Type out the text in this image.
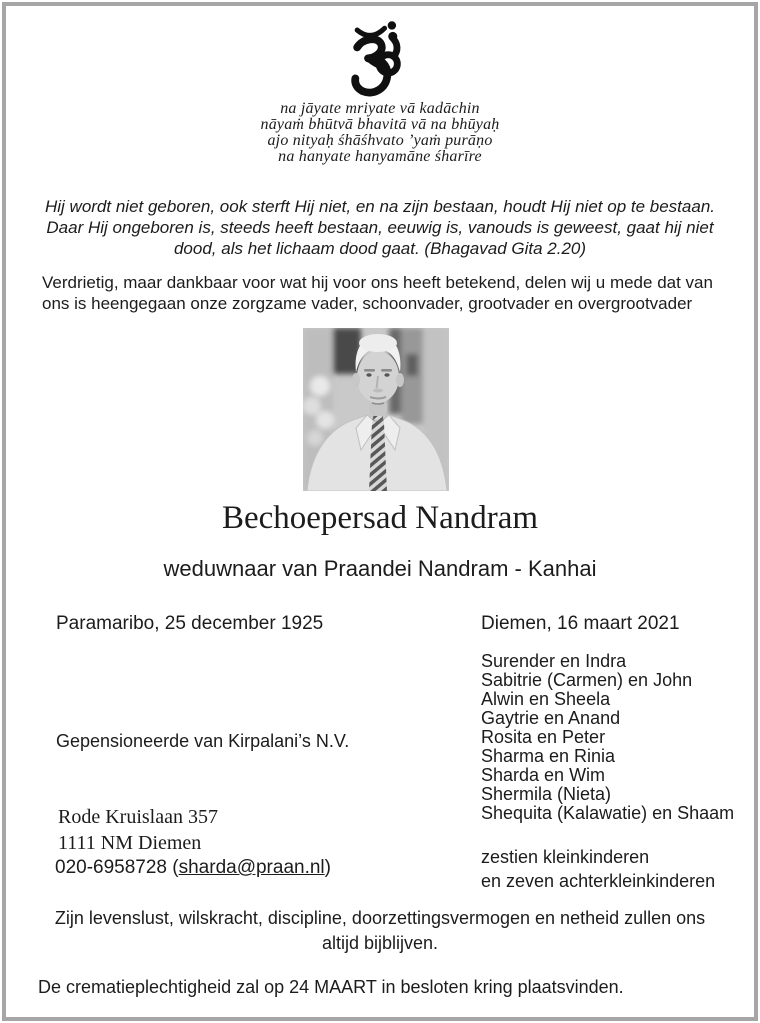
na jāyate mriyate vā kadāchin
nāyaṁ bhūtvā bhavitā vā na bhūyaḥ
ajo nityaḥ śhāśhvato ’yaṁ purāṇo
na hanyate hanyamāne śharīre
Hij wordt niet geboren, ook sterft Hij niet, en na zijn bestaan, houdt Hij niet op te bestaan. Daar Hij ongeboren is, steeds heeft bestaan, eeuwig is, vanouds is geweest, gaat hij niet dood, als het lichaam dood gaat. (Bhagavad Gita 2.20)
Verdrietig, maar dankbaar voor wat hij voor ons heeft betekend, delen wij u mede dat van ons is heengegaan onze zorgzame vader, schoonvader, grootvader en overgrootvader
Bechoepersad Nandram
weduwnaar van Praandei Nandram - Kanhai
Paramaribo, 25 december 1925	Diemen, 16 maart 2021
Surender en Indra
Sabitrie (Carmen) en John
Alwin en Sheela
Gaytrie en Anand
Rosita en Peter
Sharma en Rinia
Sharda en Wim
Shermila (Nieta)
Shequita (Kalawatie) en Shaam
Gepensioneerde van Kirpalani’s N.V.
Rode Kruislaan 357
1111 NM Diemen
020-6958728 (sharda@praan.nl)	zestien kleinkinderen
en zeven achterkleinkinderen
Zijn levenslust, wilskracht, discipline, doorzettingsvermogen en netheid zullen ons altijd bijblijven.
De crematieplechtigheid zal op 24 MAART in besloten kring plaatsvinden.
